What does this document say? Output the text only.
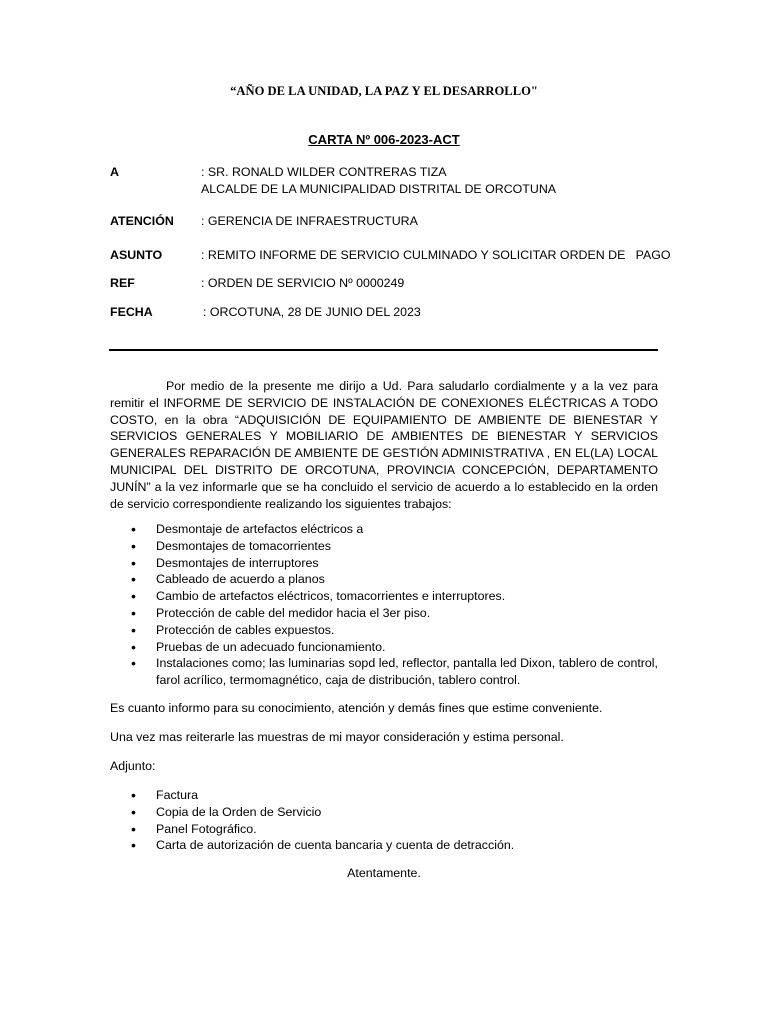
“AÑO DE LA UNIDAD, LA PAZ Y EL DESARROLLO"
CARTA Nº 006-2023-ACT
A	: SR. RONALD WILDER CONTRERAS TIZA
ALCALDE DE LA MUNICIPALIDAD DISTRITAL DE ORCOTUNA
ATENCIÓN : GERENCIA DE INFRAESTRUCTURA
ASUNTO	: REMITO INFORME DE SERVICIO CULMINADO Y SOLICITAR ORDEN DE   PAGO
REF	: ORDEN DE SERVICIO Nº 0000249
FECHA	: ORCOTUNA, 28 DE JUNIO DEL 2023
Por medio de la presente me dirijo a Ud. Para saludarlo cordialmente y a la vez para remitir el INFORME DE SERVICIO DE INSTALACIÓN DE CONEXIONES ELÉCTRICAS A TODO COSTO, en la obra “ADQUISICIÓN DE EQUIPAMIENTO DE AMBIENTE DE BIENESTAR Y SERVICIOS GENERALES Y MOBILIARIO DE AMBIENTES DE BIENESTAR Y SERVICIOS GENERALES REPARACIÓN DE AMBIENTE DE GESTIÓN ADMINISTRATIVA , EN EL(LA) LOCAL MUNICIPAL DEL DISTRITO DE ORCOTUNA, PROVINCIA CONCEPCIÓN, DEPARTAMENTO JUNÍN” a la vez informarle que se ha concluido el servicio de acuerdo a lo establecido en la orden de servicio correspondiente realizando los siguientes trabajos:
• Desmontaje de artefactos eléctricos a
• Desmontajes de tomacorrientes
• Desmontajes de interruptores
• Cableado de acuerdo a planos
• Cambio de artefactos eléctricos, tomacorrientes e interruptores.
• Protección de cable del medidor hacia el 3er piso.
• Protección de cables expuestos.
• Pruebas de un adecuado funcionamiento.
• Instalaciones como; las luminarias sopd led, reflector, pantalla led Dixon, tablero de control, farol acrílico, termomagnético, caja de distribución, tablero control.
Es cuanto informo para su conocimiento, atención y demás fines que estime conveniente.
Una vez mas reiterarle las muestras de mi mayor consideración y estima personal.
Adjunto:
• Factura
• Copia de la Orden de Servicio
• Panel Fotográfico.
• Carta de autorización de cuenta bancaria y cuenta de detracción.
Atentamente.
